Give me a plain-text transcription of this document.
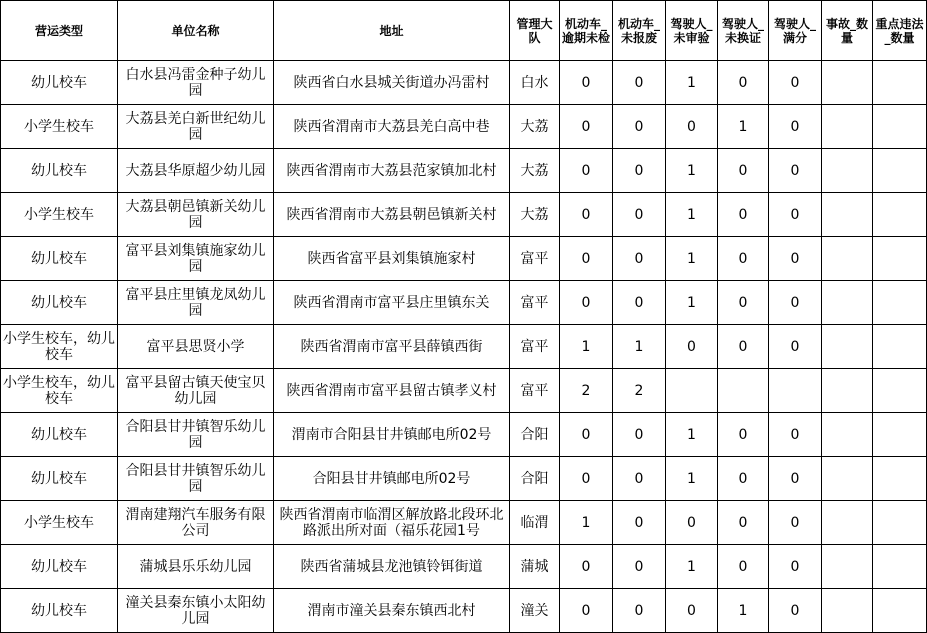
营运类型	单位名称	地址	管理大队	机动车_逾期未检	机动车_未报废	驾驶人_未审验	驾驶人_未换证	驾驶人_满分	事故_数量	重点违法_数量
幼儿校车	白水县冯雷金种子幼儿园	陕西省白水县城关街道办冯雷村	白水	0	0	1	0	0		
小学生校车	大荔县羌白新世纪幼儿园	陕西省渭南市大荔县羌白高中巷	大荔	0	0	0	1	0		
幼儿校车	大荔县华原超少幼儿园	陕西省渭南市大荔县范家镇加北村	大荔	0	0	1	0	0		
小学生校车	大荔县朝邑镇新关幼儿园	陕西省渭南市大荔县朝邑镇新关村	大荔	0	0	1	0	0		
幼儿校车	富平县刘集镇施家幼儿园	陕西省富平县刘集镇施家村	富平	0	0	1	0	0		
幼儿校车	富平县庄里镇龙凤幼儿园	陕西省渭南市富平县庄里镇东关	富平	0	0	1	0	0		
小学生校车，幼儿校车	富平县思贤小学	陕西省渭南市富平县薛镇西街	富平	1	1	0	0	0		
小学生校车，幼儿校车	富平县留古镇天使宝贝幼儿园	陕西省渭南市富平县留古镇孝义村	富平	2	2					
幼儿校车	合阳县甘井镇智乐幼儿园	渭南市合阳县甘井镇邮电所02号	合阳	0	0	1	0	0		
幼儿校车	合阳县甘井镇智乐幼儿园	合阳县甘井镇邮电所02号	合阳	0	0	1	0	0		
小学生校车	渭南建翔汽车服务有限公司	陕西省渭南市临渭区解放路北段环北路派出所对面（福乐花园1号	临渭	1	0	0	0	0		
幼儿校车	蒲城县乐乐幼儿园	陕西省蒲城县龙池镇铃铒街道	蒲城	0	0	1	0	0		
幼儿校车	潼关县秦东镇小太阳幼儿园	渭南市潼关县秦东镇西北村	潼关	0	0	0	1	0		
